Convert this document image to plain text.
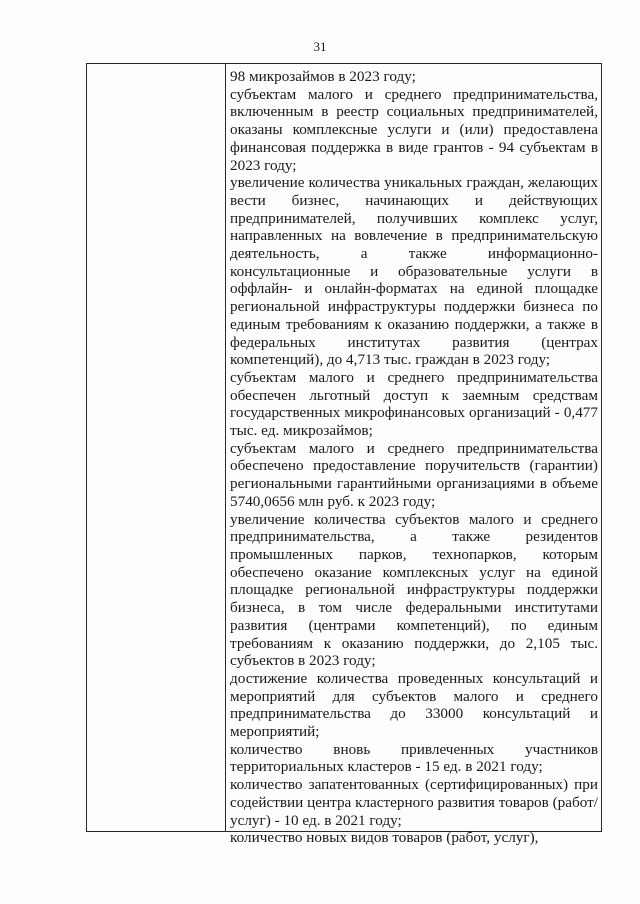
31

98 микрозаймов в 2023 году;

субъектам малого и среднего предпринимательства, включенным в реестр социальных предпринимателей, оказаны комплексные услуги и (или) предоставлена финансовая поддержка в виде грантов - 94 субъектам в 2023 году;

увеличение количества уникальных граждан, желающих вести бизнес, начинающих и действующих предпринимателей, получивших комплекс услуг, направленных на вовлечение в предпринимательскую деятельность, а также информационно-консультационные и образовательные услуги в оффлайн- и онлайн-форматах на единой площадке региональной инфраструктуры поддержки бизнеса по единым требованиям к оказанию поддержки, а также в федеральных институтах развития (центрах компетенций), до 4,713 тыс. граждан в 2023 году;

субъектам малого и среднего предпринимательства обеспечен льготный доступ к заемным средствам государственных микрофинансовых организаций - 0,477 тыс. ед. микрозаймов;

субъектам малого и среднего предпринимательства обеспечено предоставление поручительств (гарантии) региональными гарантийными организациями в объеме 5740,0656 млн руб. к 2023 году;

увеличение количества субъектов малого и среднего предпринимательства, а также резидентов промышленных парков, технопарков, которым обеспечено оказание комплексных услуг на единой площадке региональной инфраструктуры поддержки бизнеса, в том числе федеральными институтами развития (центрами компетенций), по единым требованиям к оказанию поддержки, до 2,105 тыс. субъектов в 2023 году;

достижение количества проведенных консультаций и мероприятий для субъектов малого и среднего предпринимательства до 33000 консультаций и мероприятий;

количество вновь привлеченных участников территориальных кластеров - 15 ед. в 2021 году;

количество запатентованных (сертифицированных) при содействии центра кластерного развития товаров (работ/услуг) - 10 ед. в 2021 году;

количество новых видов товаров (работ, услуг),
